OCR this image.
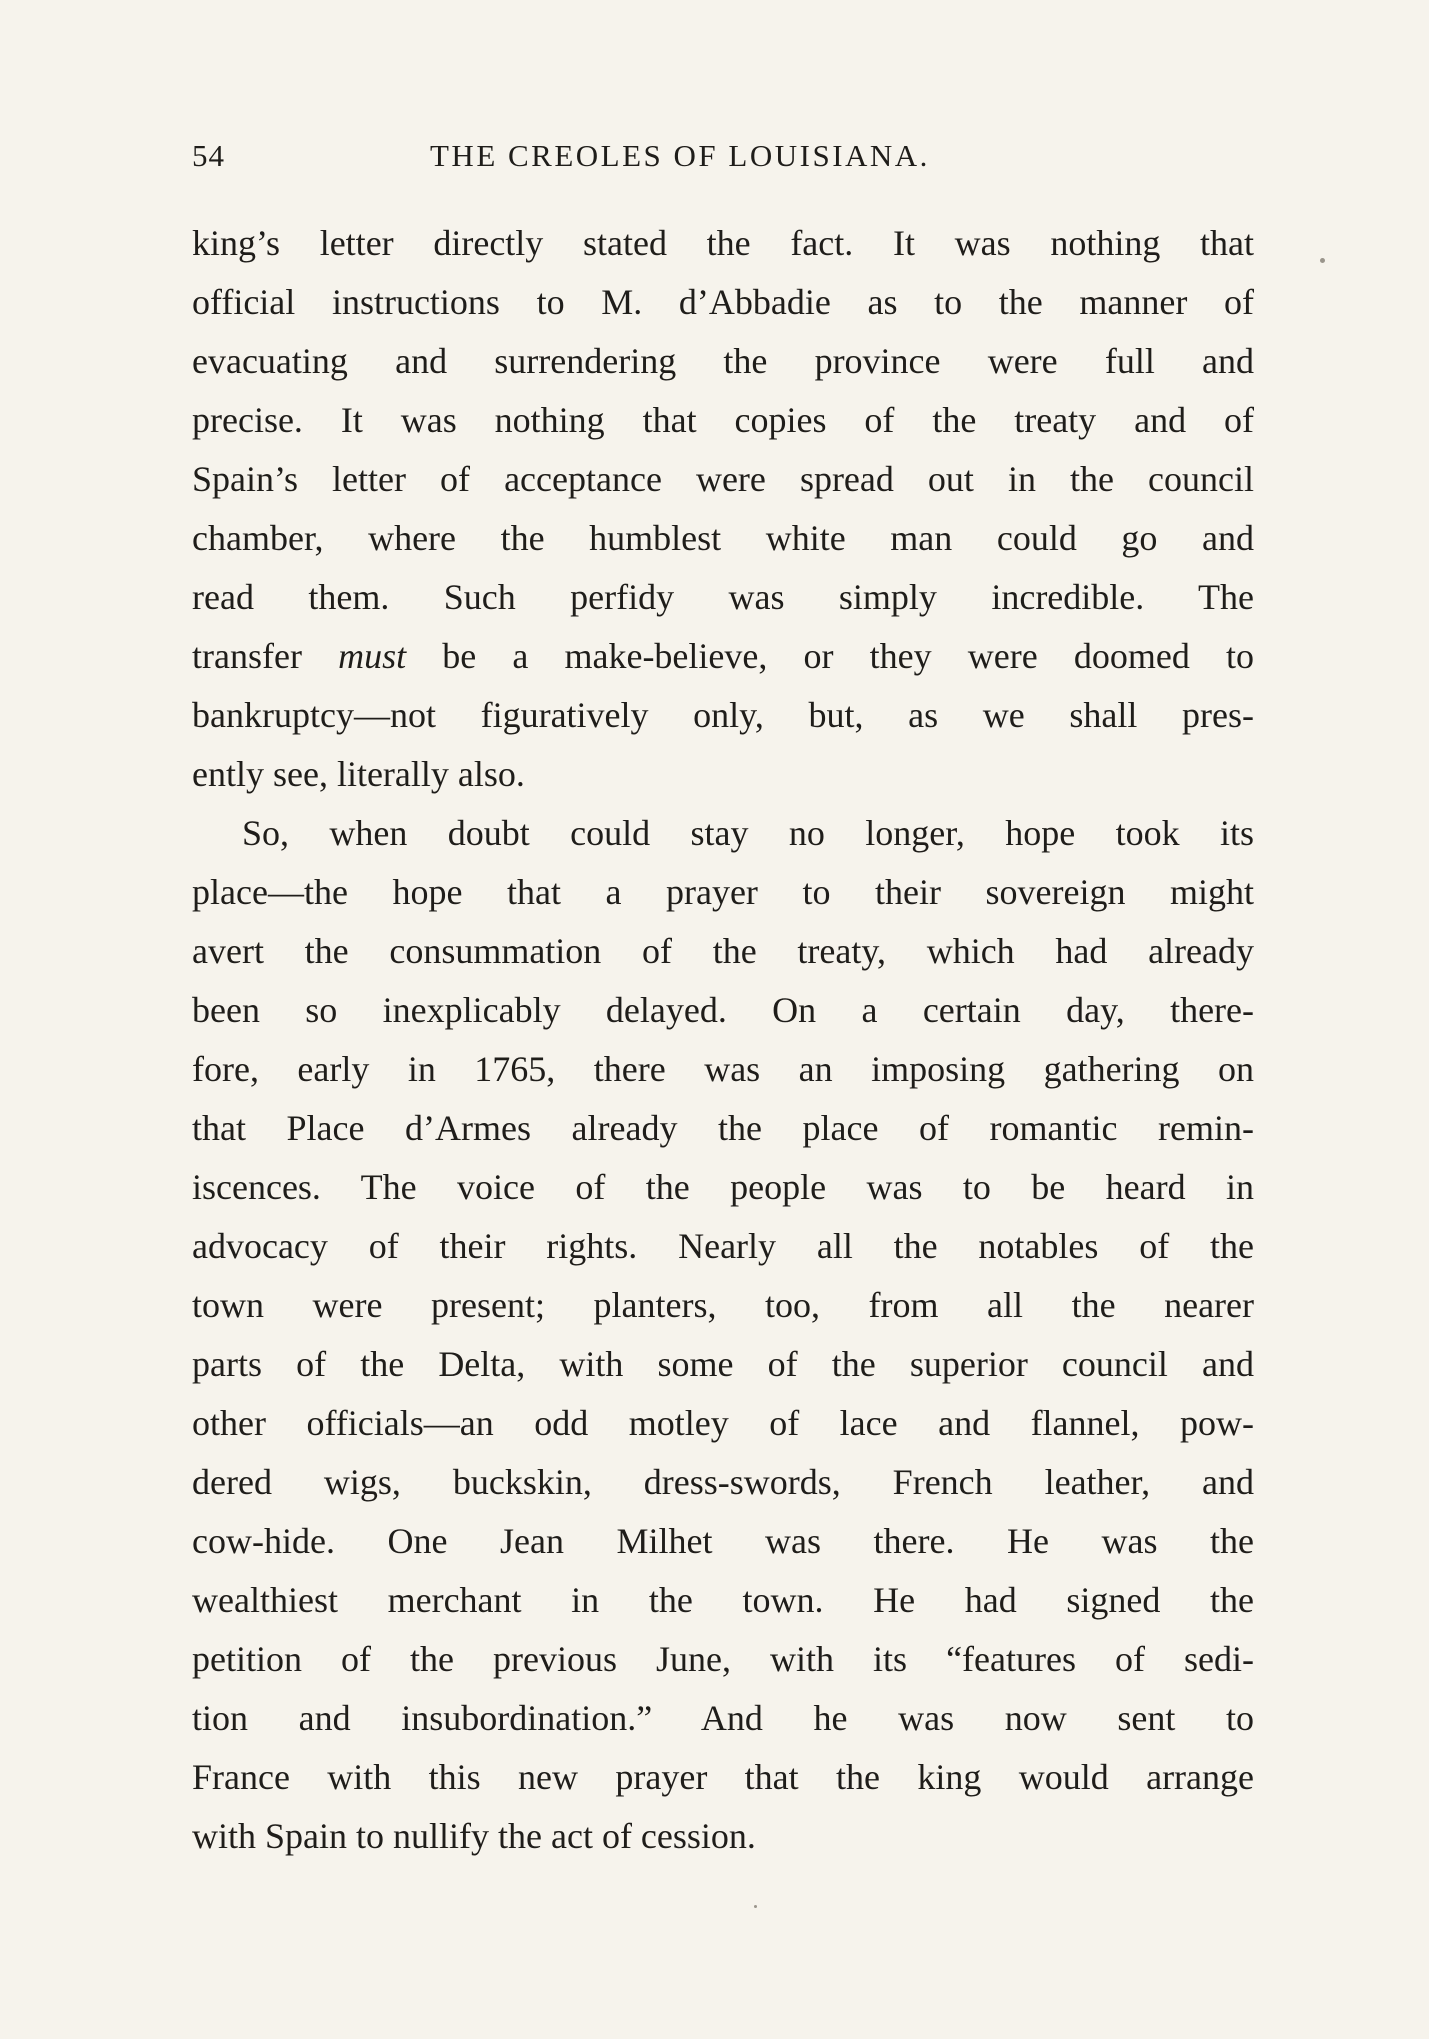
54	THE CREOLES OF LOUISIANA.
king’s letter directly stated the fact. It was nothing that
official instructions to M. d’Abbadie as to the manner of
evacuating and surrendering the province were full and
precise. It was nothing that copies of the treaty and of
Spain’s letter of acceptance were spread out in the council
chamber, where the humblest white man could go and
read them. Such perfidy was simply incredible. The
transfer must be a make-believe, or they were doomed to
bankruptcy—not figuratively only, but, as we shall pres-
ently see, literally also.
So, when doubt could stay no longer, hope took its
place—the hope that a prayer to their sovereign might
avert the consummation of the treaty, which had already
been so inexplicably delayed. On a certain day, there-
fore, early in 1765, there was an imposing gathering on
that Place d’Armes already the place of romantic remin-
iscences. The voice of the people was to be heard in
advocacy of their rights. Nearly all the notables of the
town were present; planters, too, from all the nearer
parts of the Delta, with some of the superior council and
other officials—an odd motley of lace and flannel, pow-
dered wigs, buckskin, dress-swords, French leather, and
cow-hide. One Jean Milhet was there. He was the
wealthiest merchant in the town. He had signed the
petition of the previous June, with its “features of sedi-
tion and insubordination.” And he was now sent to
France with this new prayer that the king would arrange
with Spain to nullify the act of cession.
